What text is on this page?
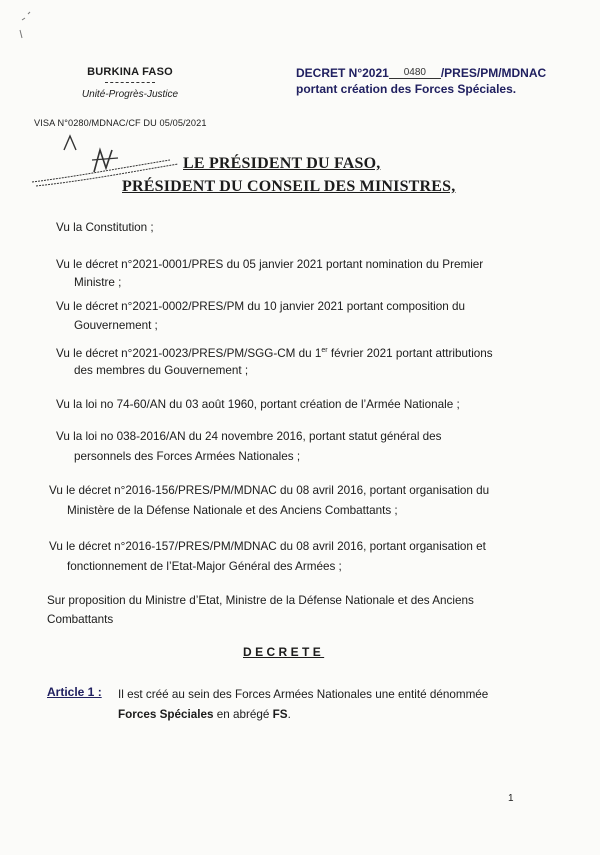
BURKINA FASO
Unité-Progrès-Justice
VISA N°0280/MDNAC/CF DU 05/05/2021
DECRET N°2021 0480 /PRES/PM/MDNAC
portant création des Forces Spéciales.
LE PRÉSIDENT DU FASO,
PRÉSIDENT DU CONSEIL DES MINISTRES,
Vu la Constitution ;
Vu le décret n°2021-0001/PRES du 05 janvier 2021 portant nomination du Premier
Ministre ;
Vu le décret n°2021-0002/PRES/PM du 10 janvier 2021 portant composition du
Gouvernement ;
Vu le décret n°2021-0023/PRES/PM/SGG-CM du 1er février 2021 portant attributions
des membres du Gouvernement ;
Vu la loi no 74-60/AN du 03 août 1960, portant création de l’Armée Nationale ;
Vu la loi no 038-2016/AN du 24 novembre 2016, portant statut général des
personnels des Forces Armées Nationales ;
Vu le décret n°2016-156/PRES/PM/MDNAC du 08 avril 2016, portant organisation du
Ministère de la Défense Nationale et des Anciens Combattants ;
Vu le décret n°2016-157/PRES/PM/MDNAC du 08 avril 2016, portant organisation et
fonctionnement de l’Etat-Major Général des Armées ;
Sur proposition du Ministre d’Etat, Ministre de la Défense Nationale et des Anciens
Combattants
DECRETE
Article 1 : Il est créé au sein des Forces Armées Nationales une entité dénommée
Forces Spéciales en abrégé FS.
1
